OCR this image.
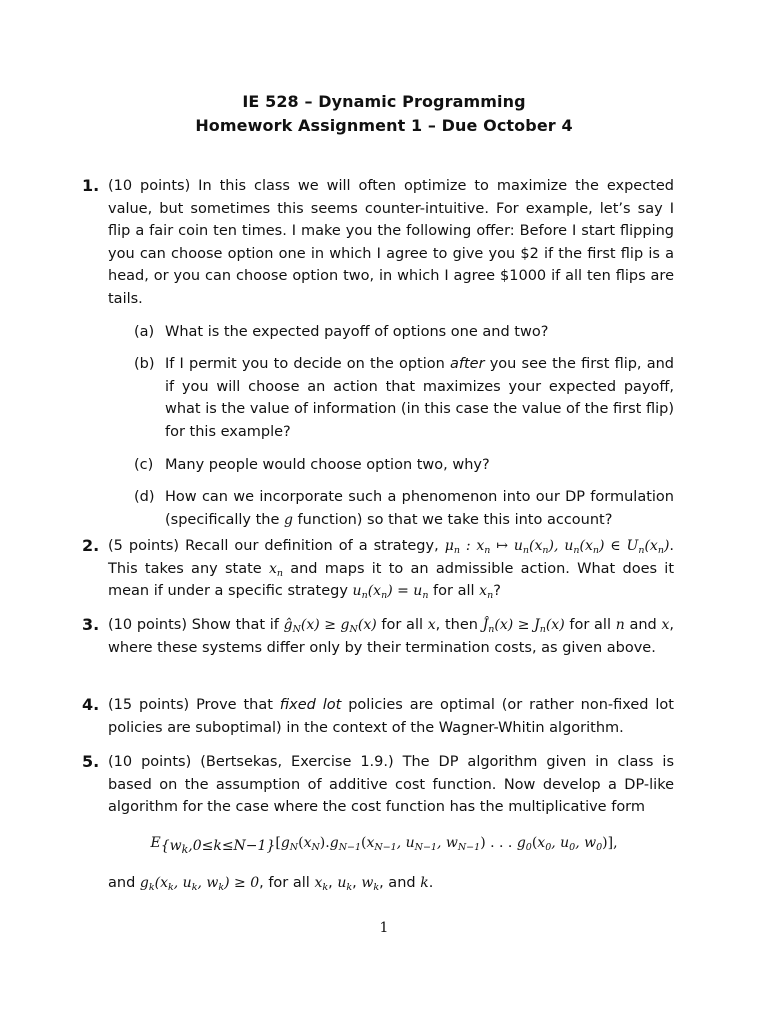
IE 528 – Dynamic Programming
Homework Assignment 1 – Due October 4
1. (10 points) In this class we will often optimize to maximize the expected value, but sometimes this seems counter-intuitive. For example, let’s say I flip a fair coin ten times. I make you the following offer: Before I start flipping you can choose option one in which I agree to give you $2 if the first flip is a head, or you can choose option two, in which I agree $1000 if all ten flips are tails.
(a) What is the expected payoff of options one and two?
(b) If I permit you to decide on the option after you see the first flip, and if you will choose an action that maximizes your expected payoff, what is the value of information (in this case the value of the first flip) for this example?
(c) Many people would choose option two, why?
(d) How can we incorporate such a phenomenon into our DP formulation (specifically the g function) so that we take this into account?
2. (5 points) Recall our definition of a strategy, $\mu_n$ : $x_n$ ↦ $u_n(x_n)$, $u_n(x_n)$ ∈ $U_n(x_n)$. This takes any state $x_n$ and maps it to an admissible action. What does it mean if under a specific strategy $u_n(x_n) = u_n$ for all $x_n$?
3. (10 points) Show that if $ĝ_N(x) \ge g_N(x)$ for all x, then $Ĵ_n(x) \ge J_n(x)$ for all n and x, where these systems differ only by their termination costs, as given above.
4. (15 points) Prove that fixed lot policies are optimal (or rather non-fixed lot policies are suboptimal) in the context of the Wagner-Whitin algorithm.
5. (10 points) (Bertsekas, Exercise 1.9.) The DP algorithm given in class is based on the assumption of additive cost function. Now develop a DP-like algorithm for the case where the cost function has the multiplicative form
$E_{\{w_k,0\le k\le N-1\}}[g_N(x_N).g_{N-1}(x_{N-1}$, $u_{N-1}$, $w_{N-1}$) . . . $g_0(x_0$, $u_0$, $w_0$)],
and $g_k(x_k$, $u_k$, $w_k) \ge 0$, for all $x_k$, $u_k$, $w_k$, and k.
1
